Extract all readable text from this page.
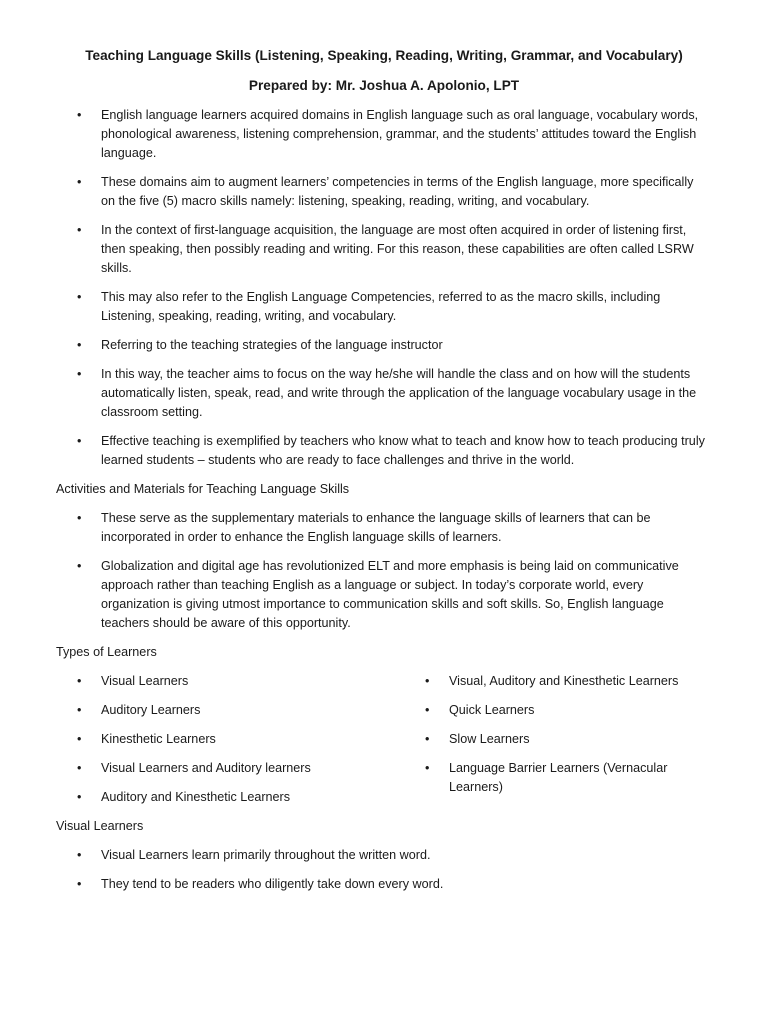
Teaching Language Skills (Listening, Speaking, Reading, Writing, Grammar, and Vocabulary)

Prepared by: Mr. Joshua A. Apolonio, LPT

• English language learners acquired domains in English language such as oral language, vocabulary words, phonological awareness, listening comprehension, grammar, and the students’ attitudes toward the English language.
• These domains aim to augment learners’ competencies in terms of the English language, more specifically on the five (5) macro skills namely: listening, speaking, reading, writing, and vocabulary.
• In the context of first-language acquisition, the language are most often acquired in order of listening first, then speaking, then possibly reading and writing. For this reason, these capabilities are often called LSRW skills.
• This may also refer to the English Language Competencies, referred to as the macro skills, including Listening, speaking, reading, writing, and vocabulary.
• Referring to the teaching strategies of the language instructor
• In this way, the teacher aims to focus on the way he/she will handle the class and on how will the students automatically listen, speak, read, and write through the application of the language vocabulary usage in the classroom setting.
• Effective teaching is exemplified by teachers who know what to teach and know how to teach producing truly learned students – students who are ready to face challenges and thrive in the world.
Activities and Materials for Teaching Language Skills
• These serve as the supplementary materials to enhance the language skills of learners that can be incorporated in order to enhance the English language skills of learners.
• Globalization and digital age has revolutionized ELT and more emphasis is being laid on communicative approach rather than teaching English as a language or subject. In today’s corporate world, every organization is giving utmost importance to communication skills and soft skills. So, English language teachers should be aware of this opportunity.
Types of Learners
• Visual Learners
• Auditory Learners
• Kinesthetic Learners
• Visual Learners and Auditory learners
• Auditory and Kinesthetic Learners
• Visual, Auditory and Kinesthetic Learners
• Quick Learners
• Slow Learners
• Language Barrier Learners (Vernacular Learners)
Visual Learners
• Visual Learners learn primarily throughout the written word.
• They tend to be readers who diligently take down every word.
